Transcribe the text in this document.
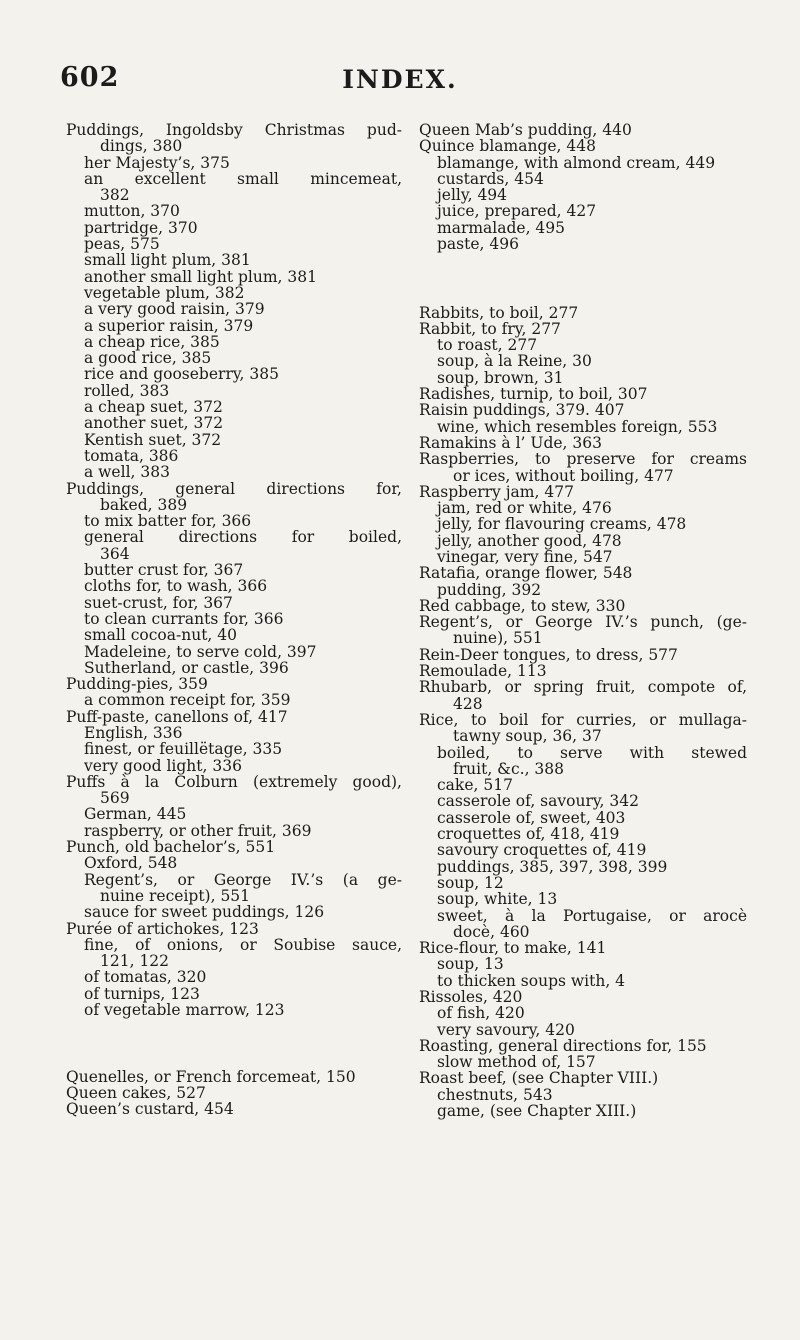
602	INDEX.
Puddings, Ingoldsby Christmas pud-
dings, 380
her Majesty’s, 375
an excellent small mincemeat,
382
mutton, 370
partridge, 370
peas, 575
small light plum, 381
another small light plum, 381
vegetable plum, 382
a very good raisin, 379
a superior raisin, 379
a cheap rice, 385
a good rice, 385
rice and gooseberry, 385
rolled, 383
a cheap suet, 372
another suet, 372
Kentish suet, 372
tomata, 386
a well, 383
Puddings, general directions for,
baked, 389
to mix batter for, 366
general directions for boiled,
364
butter crust for, 367
cloths for, to wash, 366
suet-crust, for, 367
to clean currants for, 366
small cocoa-nut, 40
Madeleine, to serve cold, 397
Sutherland, or castle, 396
Pudding-pies, 359
a common receipt for, 359
Puff-paste, canellons of, 417
English, 336
finest, or feuillëtage, 335
very good light, 336
Puffs à la Colburn (extremely good),
569
German, 445
raspberry, or other fruit, 369
Punch, old bachelor’s, 551
Oxford, 548
Regent’s, or George IV.’s (a ge-
nuine receipt), 551
sauce for sweet puddings, 126
Purée of artichokes, 123
fine, of onions, or Soubise sauce,
121, 122
of tomatas, 320
of turnips, 123
of vegetable marrow, 123
Quenelles, or French forcemeat, 150
Queen cakes, 527
Queen’s custard, 454
Queen Mab’s pudding, 440
Quince blamange, 448
blamange, with almond cream, 449
custards, 454
jelly, 494
juice, prepared, 427
marmalade, 495
paste, 496
Rabbits, to boil, 277
Rabbit, to fry, 277
to roast, 277
soup, à la Reine, 30
soup, brown, 31
Radishes, turnip, to boil, 307
Raisin puddings, 379. 407
wine, which resembles foreign, 553
Ramakins à l’ Ude, 363
Raspberries, to preserve for creams
or ices, without boiling, 477
Raspberry jam, 477
jam, red or white, 476
jelly, for flavouring creams, 478
jelly, another good, 478
vinegar, very fine, 547
Ratafia, orange flower, 548
pudding, 392
Red cabbage, to stew, 330
Regent’s, or George IV.’s punch, (ge-
nuine), 551
Rein-Deer tongues, to dress, 577
Remoulade, 113
Rhubarb, or spring fruit, compote of,
428
Rice, to boil for curries, or mullaga-
tawny soup, 36, 37
boiled, to serve with stewed
fruit, &c., 388
cake, 517
casserole of, savoury, 342
casserole of, sweet, 403
croquettes of, 418, 419
savoury croquettes of, 419
puddings, 385, 397, 398, 399
soup, 12
soup, white, 13
sweet, à la Portugaise, or arocè
docè, 460
Rice-flour, to make, 141
soup, 13
to thicken soups with, 4
Rissoles, 420
of fish, 420
very savoury, 420
Roasting, general directions for, 155
slow method of, 157
Roast beef, (see Chapter VIII.)
chestnuts, 543
game, (see Chapter XIII.)
